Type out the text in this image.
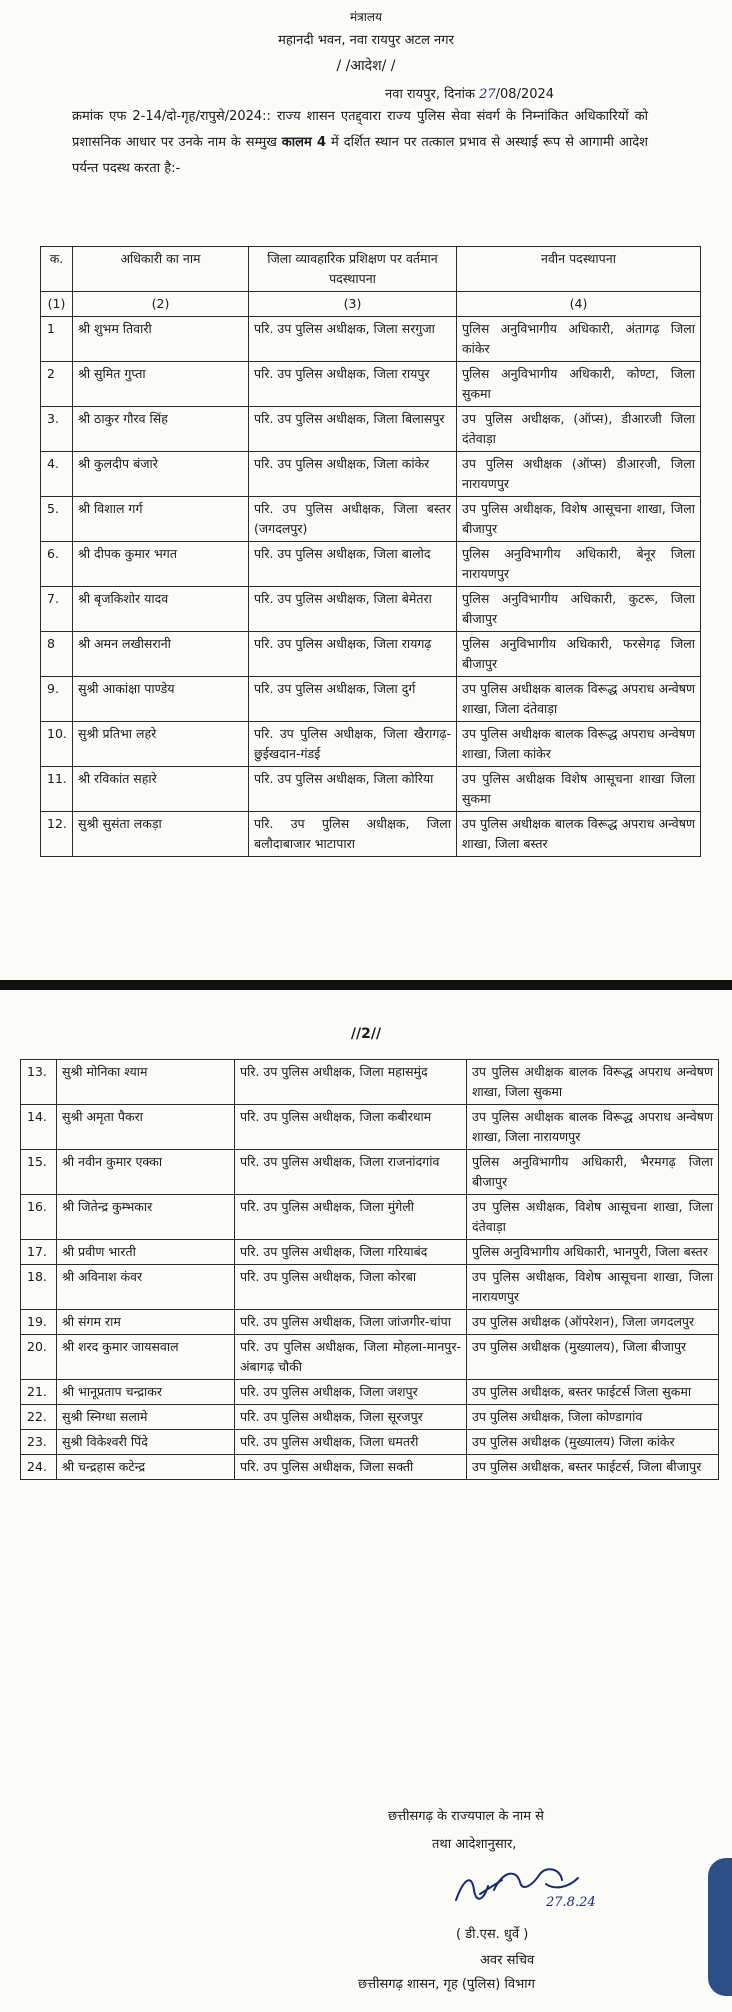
मंत्रालय
महानदी भवन, नवा रायपुर अटल नगर
/ /आदेश/ /
नवा रायपुर, दिनांक 27/08/2024
क्रमांक एफ 2-14/दो-गृह/रापुसे/2024:: राज्य शासन एतद्द्वारा राज्य पुलिस सेवा संवर्ग के निम्नांकित अधिकारियों को प्रशासनिक आधार पर उनके नाम के सम्मुख कालम 4 में दर्शित स्थान पर तत्काल प्रभाव से अस्थाई रूप से आगामी आदेश पर्यन्त पदस्थ करता है:-
क.	अधिकारी का नाम	जिला व्यावहारिक प्रशिक्षण पर वर्तमान पदस्थापना	नवीन पदस्थापना
(1)	(2)	(3)	(4)
1	श्री शुभम तिवारी	परि. उप पुलिस अधीक्षक, जिला सरगुजा	पुलिस अनुविभागीय अधिकारी, अंतागढ़ जिला कांकेर
2	श्री सुमित गुप्ता	परि. उप पुलिस अधीक्षक, जिला रायपुर	पुलिस अनुविभागीय अधिकारी, कोण्टा, जिला सुकमा
3.	श्री ठाकुर गौरव सिंह	परि. उप पुलिस अधीक्षक, जिला बिलासपुर	उप पुलिस अधीक्षक, (ऑप्स), डीआरजी जिला दंतेवाड़ा
4.	श्री कुलदीप बंजारे	परि. उप पुलिस अधीक्षक, जिला कांकेर	उप पुलिस अधीक्षक (ऑप्स) डीआरजी, जिला नारायणपुर
5.	श्री विशाल गर्ग	परि. उप पुलिस अधीक्षक, जिला बस्तर (जगदलपुर)	उप पुलिस अधीक्षक, विशेष आसूचना शाखा, जिला बीजापुर
6.	श्री दीपक कुमार भगत	परि. उप पुलिस अधीक्षक, जिला बालोद	पुलिस अनुविभागीय अधिकारी, बेनूर जिला नारायणपुर
7.	श्री बृजकिशोर यादव	परि. उप पुलिस अधीक्षक, जिला बेमेतरा	पुलिस अनुविभागीय अधिकारी, कुटरू, जिला बीजापुर
8	श्री अमन लखीसरानी	परि. उप पुलिस अधीक्षक, जिला रायगढ़	पुलिस अनुविभागीय अधिकारी, फरसेगढ़ जिला बीजापुर
9.	सुश्री आकांक्षा पाण्डेय	परि. उप पुलिस अधीक्षक, जिला दुर्ग	उप पुलिस अधीक्षक बालक विरूद्ध अपराध अन्वेषण शाखा, जिला दंतेवाड़ा
10.	सुश्री प्रतिभा लहरे	परि. उप पुलिस अधीक्षक, जिला खैरागढ़-छुईखदान-गंडई	उप पुलिस अधीक्षक बालक विरूद्ध अपराध अन्वेषण शाखा, जिला कांकेर
11.	श्री रविकांत सहारे	परि. उप पुलिस अधीक्षक, जिला कोरिया	उप पुलिस अधीक्षक विशेष आसूचना शाखा जिला सुकमा
12.	सुश्री सुसंता लकड़ा	परि. उप पुलिस अधीक्षक, जिला बलौदाबाजार भाटापारा	उप पुलिस अधीक्षक बालक विरूद्ध अपराध अन्वेषण शाखा, जिला बस्तर
//2//
13.	सुश्री मोनिका श्याम	परि. उप पुलिस अधीक्षक, जिला महासमुंद	उप पुलिस अधीक्षक बालक विरूद्ध अपराध अन्वेषण शाखा, जिला सुकमा
14.	सुश्री अमृता पैकरा	परि. उप पुलिस अधीक्षक, जिला कबीरधाम	उप पुलिस अधीक्षक बालक विरूद्ध अपराध अन्वेषण शाखा, जिला नारायणपुर
15.	श्री नवीन कुमार एक्का	परि. उप पुलिस अधीक्षक, जिला राजनांदगांव	पुलिस अनुविभागीय अधिकारी, भैरमगढ़ जिला बीजापुर
16.	श्री जितेन्द्र कुम्भकार	परि. उप पुलिस अधीक्षक, जिला मुंगेली	उप पुलिस अधीक्षक, विशेष आसूचना शाखा, जिला दंतेवाड़ा
17.	श्री प्रवीण भारती	परि. उप पुलिस अधीक्षक, जिला गरियाबंद	पुलिस अनुविभागीय अधिकारी, भानपुरी, जिला बस्तर
18.	श्री अविनाश कंवर	परि. उप पुलिस अधीक्षक, जिला कोरबा	उप पुलिस अधीक्षक, विशेष आसूचना शाखा, जिला नारायणपुर
19.	श्री संगम राम	परि. उप पुलिस अधीक्षक, जिला जांजगीर-चांपा	उप पुलिस अधीक्षक (ऑपरेशन), जिला जगदलपुर
20.	श्री शरद कुमार जायसवाल	परि. उप पुलिस अधीक्षक, जिला मोहला-मानपुर-अंबागढ़ चौकी	उप पुलिस अधीक्षक (मुख्यालय), जिला बीजापुर
21.	श्री भानूप्रताप चन्द्राकर	परि. उप पुलिस अधीक्षक, जिला जशपुर	उप पुलिस अधीक्षक, बस्तर फाईटर्स जिला सुकमा
22.	सुश्री स्निग्धा सलामे	परि. उप पुलिस अधीक्षक, जिला सूरजपुर	उप पुलिस अधीक्षक, जिला कोण्डागांव
23.	सुश्री विकेश्वरी पिंदे	परि. उप पुलिस अधीक्षक, जिला धमतरी	उप पुलिस अधीक्षक (मुख्यालय) जिला कांकेर
24.	श्री चन्द्रहास कटेन्द्र	परि. उप पुलिस अधीक्षक, जिला सक्ती	उप पुलिस अधीक्षक, बस्तर फाईटर्स, जिला बीजापुर
छत्तीसगढ़ के राज्यपाल के नाम से
तथा आदेशानुसार,
27.8.24
( डी.एस. धुर्वे )
अवर सचिव
छत्तीसगढ़ शासन, गृह (पुलिस) विभाग
